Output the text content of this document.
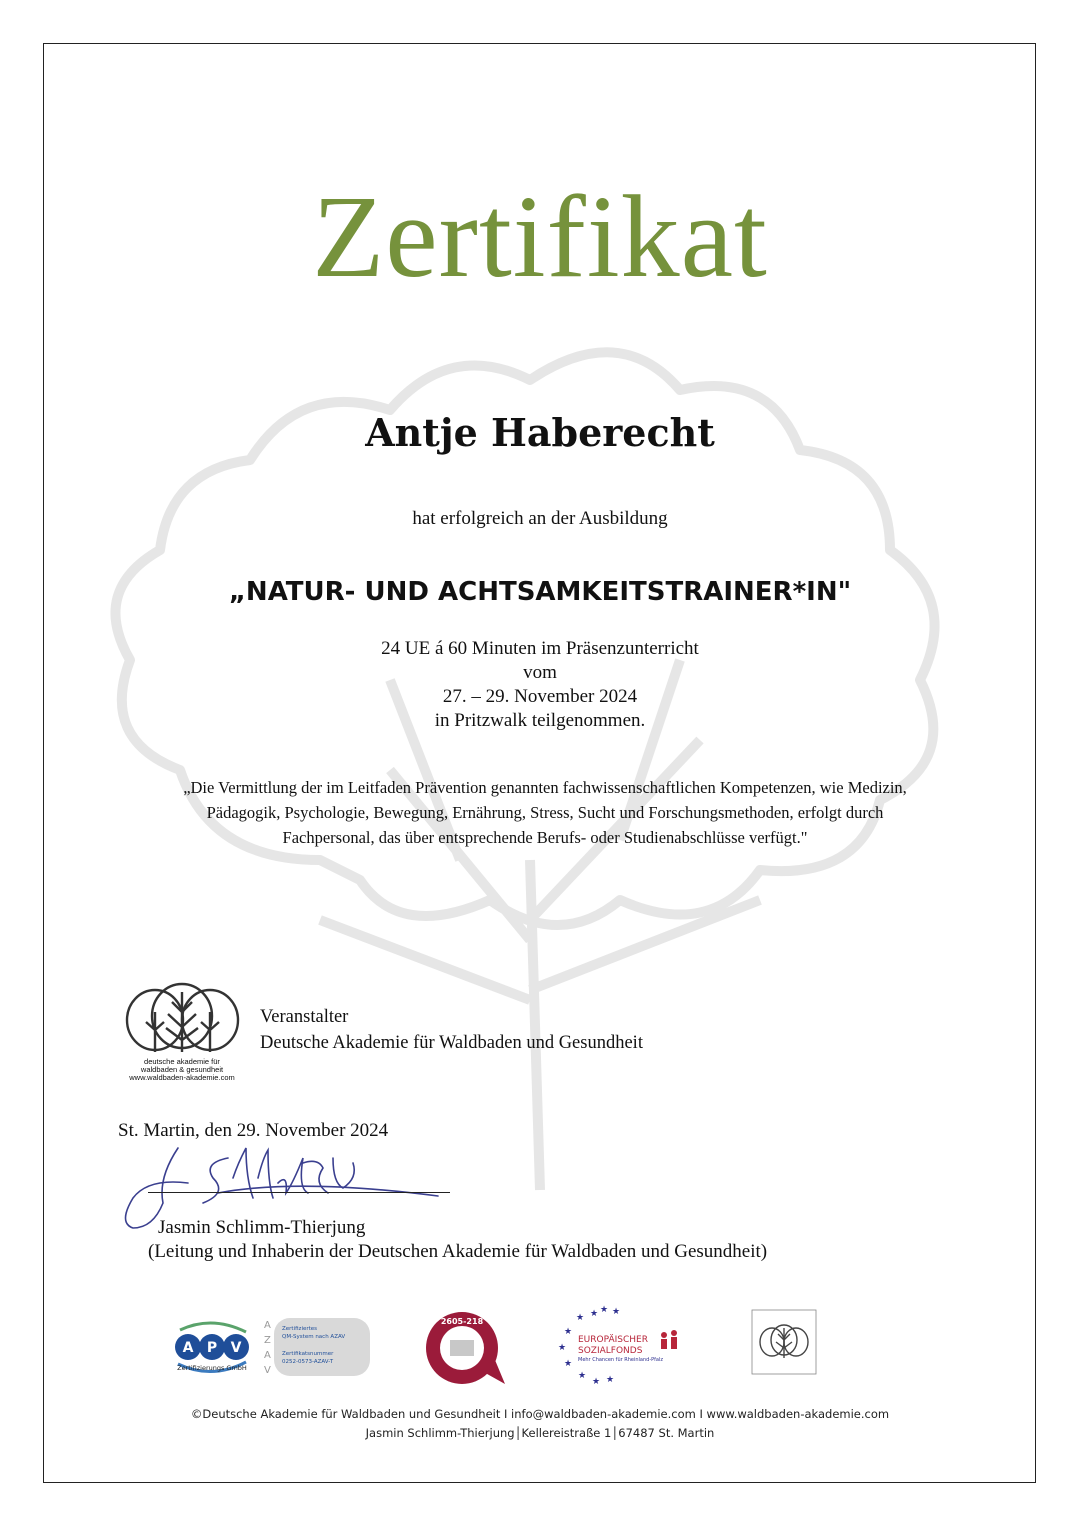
Zertifikat
Antje Haberecht
hat erfolgreich an der Ausbildung
„NATUR- UND ACHTSAMKEITSTRAINER*IN"
24 UE á 60 Minuten im Präsenzunterricht
vom
27. – 29. November 2024
in Pritzwalk teilgenommen.
„Die Vermittlung der im Leitfaden Prävention genannten fachwissenschaftlichen Kompetenzen, wie Medizin,
Pädagogik, Psychologie, Bewegung, Ernährung, Stress, Sucht und Forschungsmethoden, erfolgt durch
Fachpersonal, das über entsprechende Berufs- oder Studienabschlüsse verfügt."
deutsche akademie für
waldbaden & gesundheit
www.waldbaden-akademie.com
Veranstalter
Deutsche Akademie für Waldbaden und Gesundheit
St. Martin, den 29. November 2024
Jasmin Schlimm-Thierjung
(Leitung und Inhaberin der Deutschen Akademie für Waldbaden und Gesundheit)
A P V
Zertifizierungs GmbH
A
Z
A
V
Zertifiziertes
QM-System nach AZAV
Zertifikatsnummer
0252-0573-AZAV-T
2605-218
★ ★ ★
★
★
★
★
★ ★
★
EUROPÄISCHER
SOZIALFONDS
Mehr Chancen für Rheinland-Pfalz
©Deutsche Akademie für Waldbaden und Gesundheit I info@waldbaden-akademie.com I www.waldbaden-akademie.com
Jasmin Schlimm-Thierjung│Kellereistraße 1│67487 St. Martin
